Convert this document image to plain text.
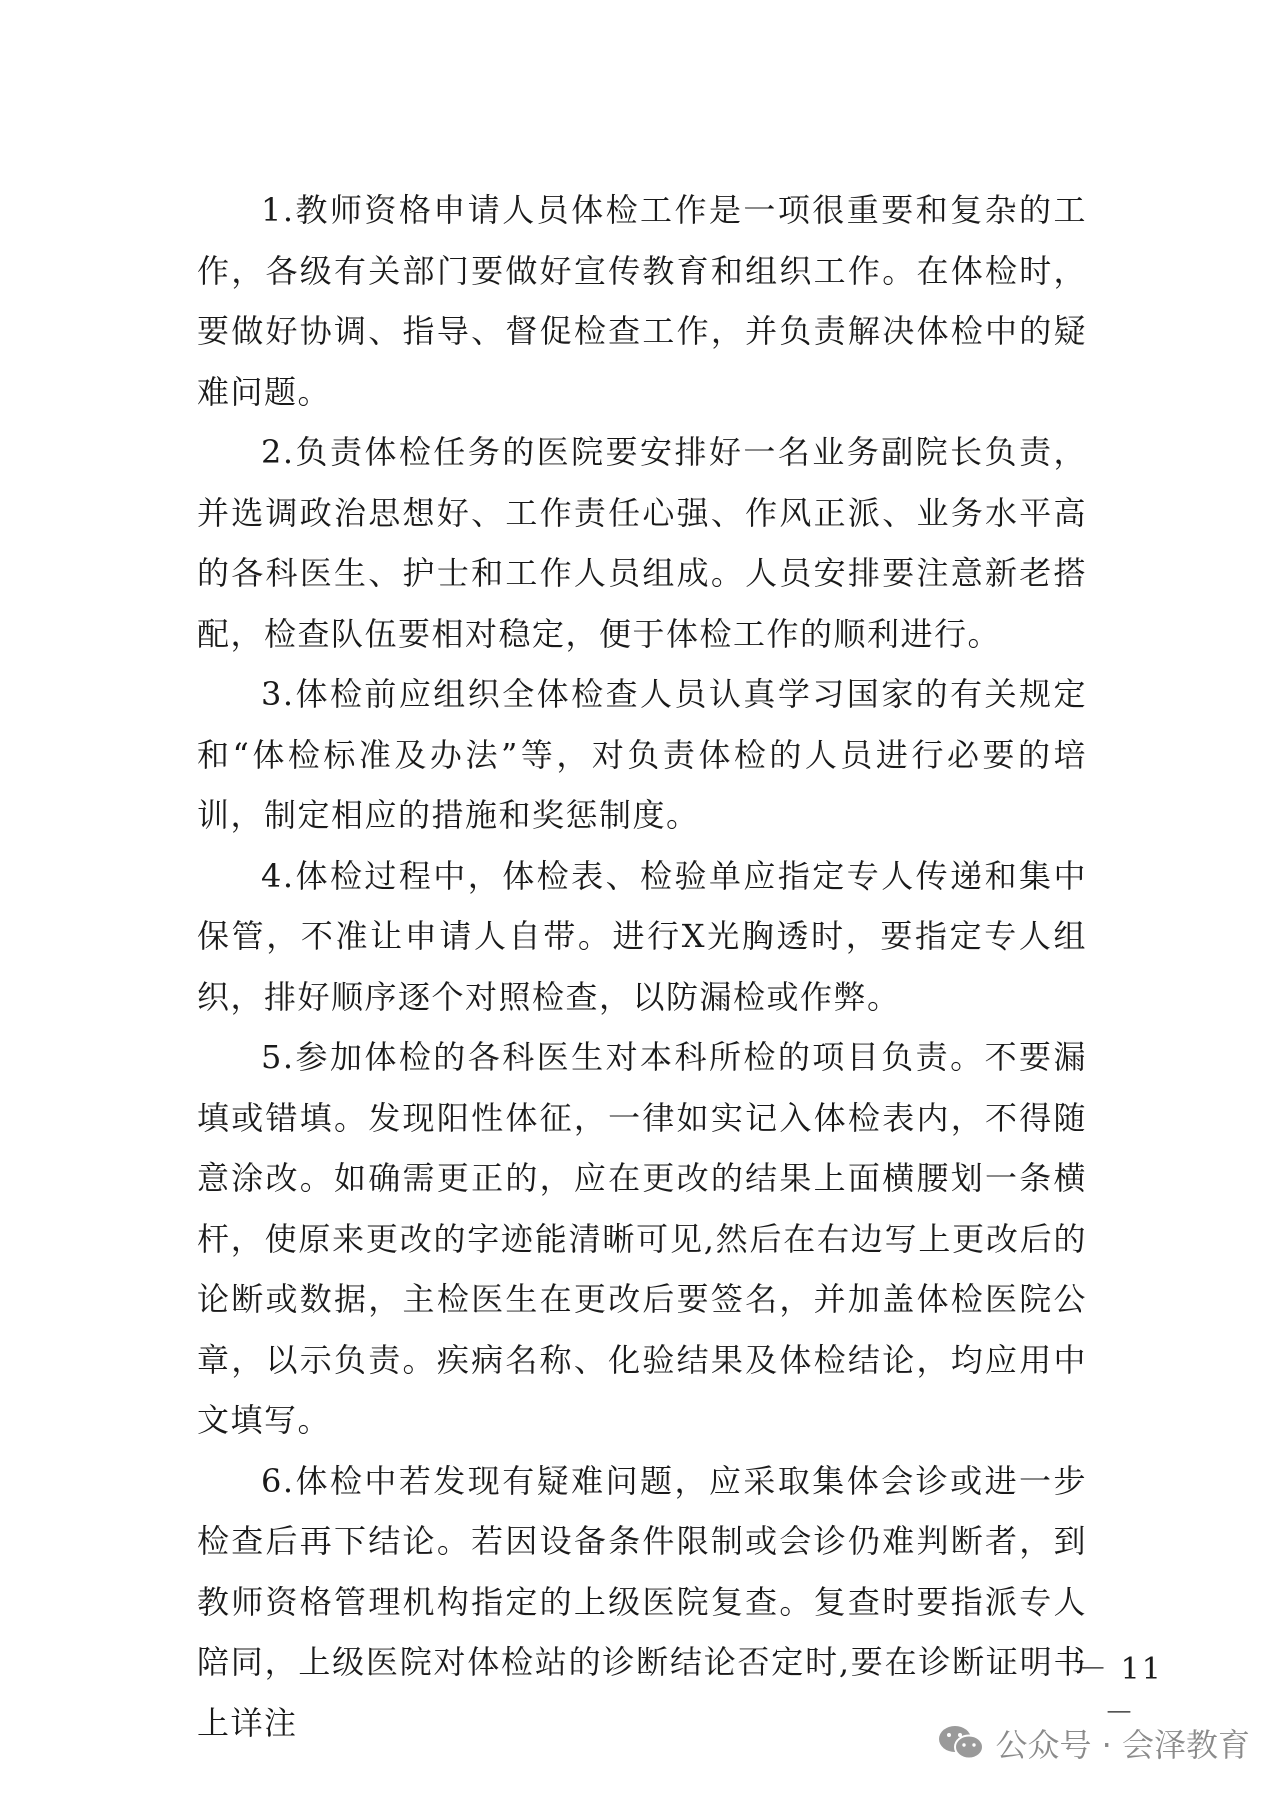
1.教师资格申请人员体检工作是一项很重要和复杂的工作，各级有关部门要做好宣传教育和组织工作。在体检时，要做好协调、指导、督促检查工作，并负责解决体检中的疑难问题。

2.负责体检任务的医院要安排好一名业务副院长负责，并选调政治思想好、工作责任心强、作风正派、业务水平高的各科医生、护士和工作人员组成。人员安排要注意新老搭配，检查队伍要相对稳定，便于体检工作的顺利进行。

3.体检前应组织全体检查人员认真学习国家的有关规定和“体检标准及办法”等，对负责体检的人员进行必要的培训，制定相应的措施和奖惩制度。

4.体检过程中，体检表、检验单应指定专人传递和集中保管，不准让申请人自带。进行X光胸透时，要指定专人组织，排好顺序逐个对照检查，以防漏检或作弊。

5.参加体检的各科医生对本科所检的项目负责。不要漏填或错填。发现阳性体征，一律如实记入体检表内，不得随意涂改。如确需更正的，应在更改的结果上面横腰划一条横杆，使原来更改的字迹能清晰可见,然后在右边写上更改后的论断或数据，主检医生在更改后要签名，并加盖体检医院公章，以示负责。疾病名称、化验结果及体检结论，均应用中文填写。

6.体检中若发现有疑难问题，应采取集体会诊或进一步检查后再下结论。若因设备条件限制或会诊仍难判断者，到教师资格管理机构指定的上级医院复查。复查时要指派专人陪同，上级医院对体检站的诊断结论否定时,要在诊断证明书上详注

－ 11 －
公众号 · 会泽教育
